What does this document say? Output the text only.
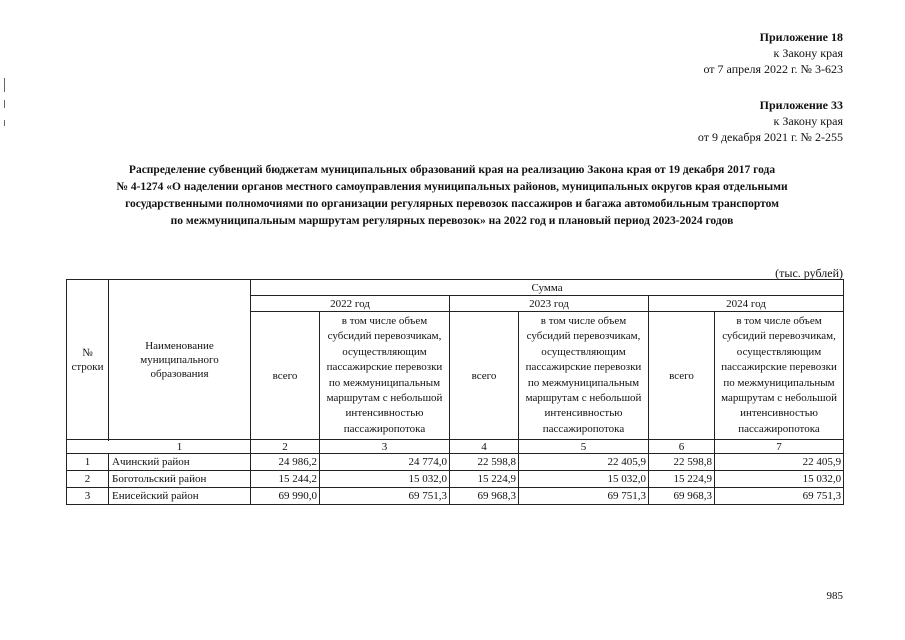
Приложение 18
к Закону края
от 7 апреля 2022 г. № 3-623
Приложение 33
к Закону края
от 9 декабря 2021 г. № 2-255
Распределение субвенций бюджетам муниципальных образований края на реализацию Закона края от 19 декабря 2017 года
№ 4-1274 «О наделении органов местного самоуправления муниципальных районов, муниципальных округов края отдельными
государственными полномочиями по организации регулярных перевозок пассажиров и багажа автомобильным транспортом
по межмуниципальным маршрутам регулярных перевозок» на 2022 год и плановый период 2023-2024 годов
(тыс. рублей)
№ строки	Наименование муниципального образования	Сумма					
		2022 год		2023 год		2024 год	
		всего	в том числе объем субсидий перевозчикам, осуществляющим пассажирские перевозки по межмуниципальным маршрутам с небольшой интенсивностью пассажиропотока	всего	в том числе объем субсидий перевозчикам, осуществляющим пассажирские перевозки по межмуниципальным маршрутам с небольшой интенсивностью пассажиропотока	всего	в том числе объем субсидий перевозчикам, осуществляющим пассажирские перевозки по межмуниципальным маршрутам с небольшой интенсивностью пассажиропотока

	1	2	3	4	5	6	7
1	Ачинский район	24 986,2	24 774,0	22 598,8	22 405,9	22 598,8	22 405,9
2	Боготольский район	15 244,2	15 032,0	15 224,9	15 032,0	15 224,9	15 032,0
3	Енисейский район	69 990,0	69 751,3	69 968,3	69 751,3	69 968,3	69 751,3
985
